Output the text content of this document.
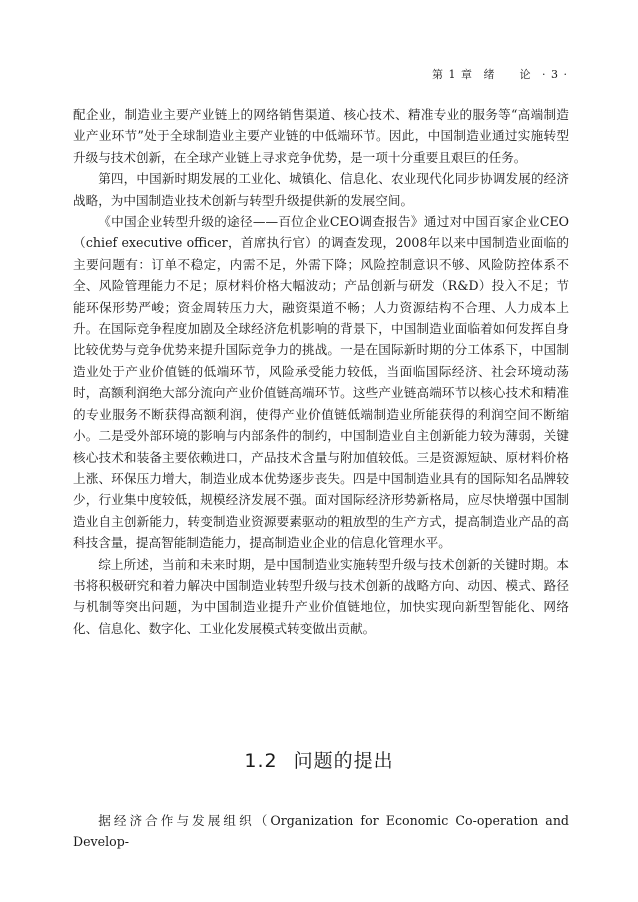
第 1 章 绪　　论 · 3 ·

配企业，制造业主要产业链上的网络销售渠道、核心技术、精准专业的服务等“高端制造业产业环节”处于全球制造业主要产业链的中低端环节。因此，中国制造业通过实施转型升级与技术创新，在全球产业链上寻求竞争优势，是一项十分重要且艰巨的任务。

第四，中国新时期发展的工业化、城镇化、信息化、农业现代化同步协调发展的经济战略，为中国制造业技术创新与转型升级提供新的发展空间。

《中国企业转型升级的途径——百位企业CEO调查报告》通过对中国百家企业CEO（chief executive officer，首席执行官）的调查发现，2008年以来中国制造业面临的主要问题有：订单不稳定，内需不足，外需下降；风险控制意识不够、风险防控体系不全、风险管理能力不足；原材料价格大幅波动；产品创新与研发（R&D）投入不足；节能环保形势严峻；资金周转压力大，融资渠道不畅；人力资源结构不合理、人力成本上升。在国际竞争程度加剧及全球经济危机影响的背景下，中国制造业面临着如何发挥自身比较优势与竞争优势来提升国际竞争力的挑战。一是在国际新时期的分工体系下，中国制造业处于产业价值链的低端环节，风险承受能力较低，当面临国际经济、社会环境动荡时，高额利润绝大部分流向产业价值链高端环节。这些产业链高端环节以核心技术和精准的专业服务不断获得高额利润，使得产业价值链低端制造业所能获得的利润空间不断缩小。二是受外部环境的影响与内部条件的制约，中国制造业自主创新能力较为薄弱，关键核心技术和装备主要依赖进口，产品技术含量与附加值较低。三是资源短缺、原材料价格上涨、环保压力增大，制造业成本优势逐步丧失。四是中国制造业具有的国际知名品牌较少，行业集中度较低，规模经济发展不强。面对国际经济形势新格局，应尽快增强中国制造业自主创新能力，转变制造业资源要素驱动的粗放型的生产方式，提高制造业产品的高科技含量，提高智能制造能力，提高制造业企业的信息化管理水平。

综上所述，当前和未来时期，是中国制造业实施转型升级与技术创新的关键时期。本书将积极研究和着力解决中国制造业转型升级与技术创新的战略方向、动因、模式、路径与机制等突出问题，为中国制造业提升产业价值链地位，加快实现向新型智能化、网络化、信息化、数字化、工业化发展模式转变做出贡献。

1.2 问题的提出

据经济合作与发展组织（Organization for Economic Co-operation and Develop-
